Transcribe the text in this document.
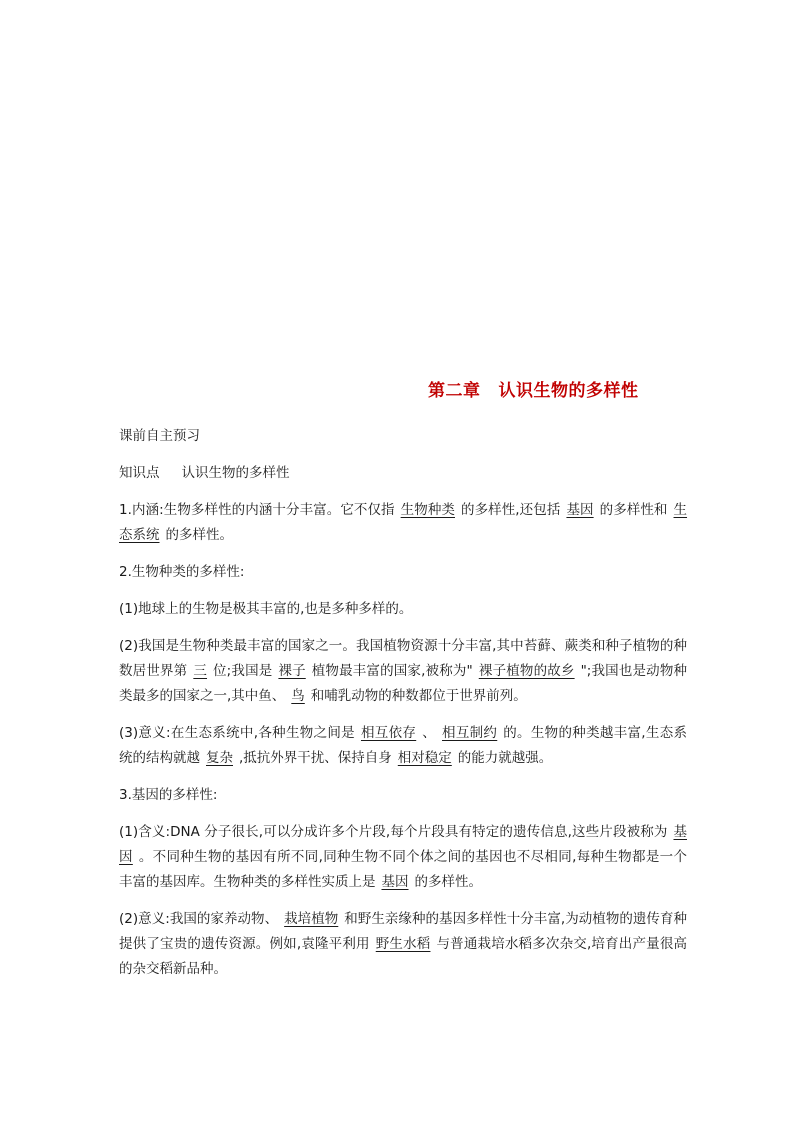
第二章 认识生物的多样性

课前自主预习

知识点 认识生物的多样性

1.内涵:生物多样性的内涵十分丰富。它不仅指 生物种类 的多样性,还包括 基因 的多样性和 生态系统 的多样性。

2.生物种类的多样性:

(1)地球上的生物是极其丰富的,也是多种多样的。

(2)我国是生物种类最丰富的国家之一。我国植物资源十分丰富,其中苔藓、蕨类和种子植物的种数居世界第 三 位;我国是 裸子 植物最丰富的国家,被称为" 裸子植物的故乡 ";我国也是动物种类最多的国家之一,其中鱼、 鸟 和哺乳动物的种数都位于世界前列。

(3)意义:在生态系统中,各种生物之间是 相互依存 、 相互制约 的。生物的种类越丰富,生态系统的结构就越 复杂 ,抵抗外界干扰、保持自身 相对稳定 的能力就越强。

3.基因的多样性:

(1)含义:DNA 分子很长,可以分成许多个片段,每个片段具有特定的遗传信息,这些片段被称为 基因 。不同种生物的基因有所不同,同种生物不同个体之间的基因也不尽相同,每种生物都是一个丰富的基因库。生物种类的多样性实质上是 基因 的多样性。

(2)意义:我国的家养动物、 栽培植物 和野生亲缘种的基因多样性十分丰富,为动植物的遗传育种提供了宝贵的遗传资源。例如,袁隆平利用 野生水稻 与普通栽培水稻多次杂交,培育出产量很高的杂交稻新品种。
